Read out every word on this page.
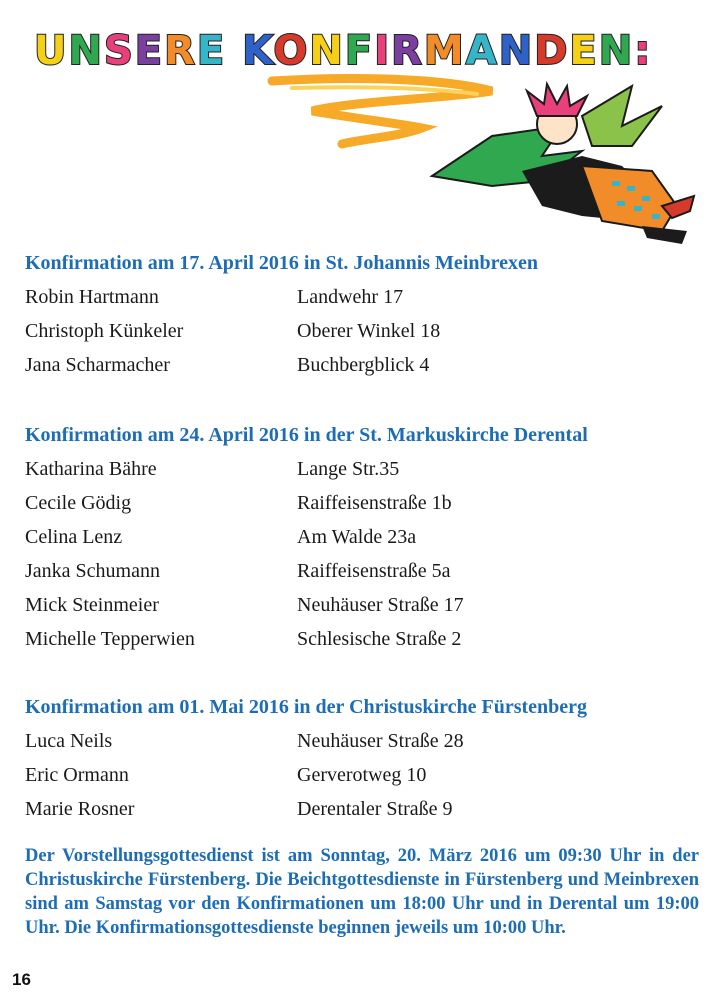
UNSERE KONFIRMANDEN:
Konfirmation am 17. April 2016 in St. Johannis Meinbrexen
Robin Hartmann	Landwehr 17
Christoph Künkeler	Oberer Winkel 18
Jana Scharmacher	Buchbergblick 4
Konfirmation am 24. April 2016 in der St. Markuskirche Derental
Katharina Bähre	Lange Str.35
Cecile Gödig	Raiffeisenstraße 1b
Celina Lenz	Am Walde 23a
Janka Schumann	Raiffeisenstraße 5a
Mick Steinmeier	Neuhäuser Straße 17
Michelle Tepperwien	Schlesische Straße 2
Konfirmation am 01. Mai 2016 in der Christuskirche Fürstenberg
Luca Neils	Neuhäuser Straße 28
Eric Ormann	Gerverotweg 10
Marie Rosner	Derentaler Straße 9

Der Vorstellungsgottesdienst ist am Sonntag, 20. März 2016 um 09:30 Uhr in der Christuskirche Fürstenberg. Die Beichtgottesdienste in Fürstenberg und Meinbrexen sind am Samstag vor den Konfirmationen um 18:00 Uhr und in Derental um 19:00 Uhr. Die Konfirmationsgottesdienste beginnen jeweils um 10:00 Uhr.

16
